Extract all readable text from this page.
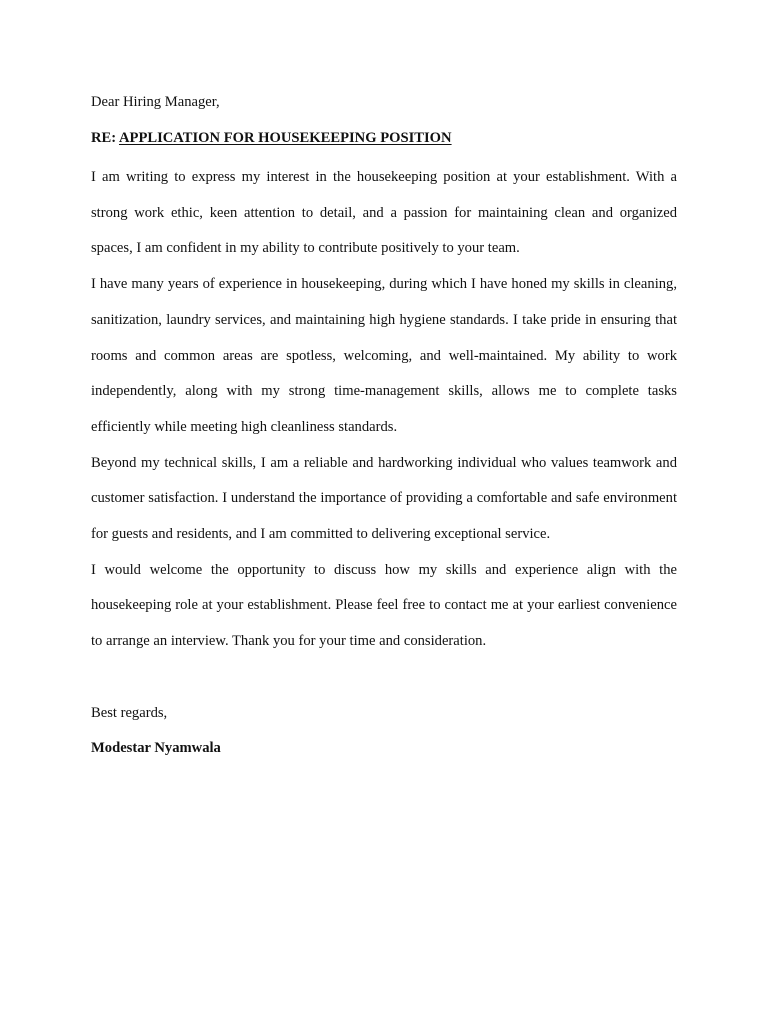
Dear Hiring Manager,

RE: APPLICATION FOR HOUSEKEEPING POSITION

I am writing to express my interest in the housekeeping position at your establishment. With a strong work ethic, keen attention to detail, and a passion for maintaining clean and organized spaces, I am confident in my ability to contribute positively to your team.

I have many years of experience in housekeeping, during which I have honed my skills in cleaning, sanitization, laundry services, and maintaining high hygiene standards. I take pride in ensuring that rooms and common areas are spotless, welcoming, and well-maintained. My ability to work independently, along with my strong time-management skills, allows me to complete tasks efficiently while meeting high cleanliness standards.

Beyond my technical skills, I am a reliable and hardworking individual who values teamwork and customer satisfaction. I understand the importance of providing a comfortable and safe environment for guests and residents, and I am committed to delivering exceptional service.

I would welcome the opportunity to discuss how my skills and experience align with the housekeeping role at your establishment. Please feel free to contact me at your earliest convenience to arrange an interview. Thank you for your time and consideration.

Best regards,

Modestar Nyamwala
